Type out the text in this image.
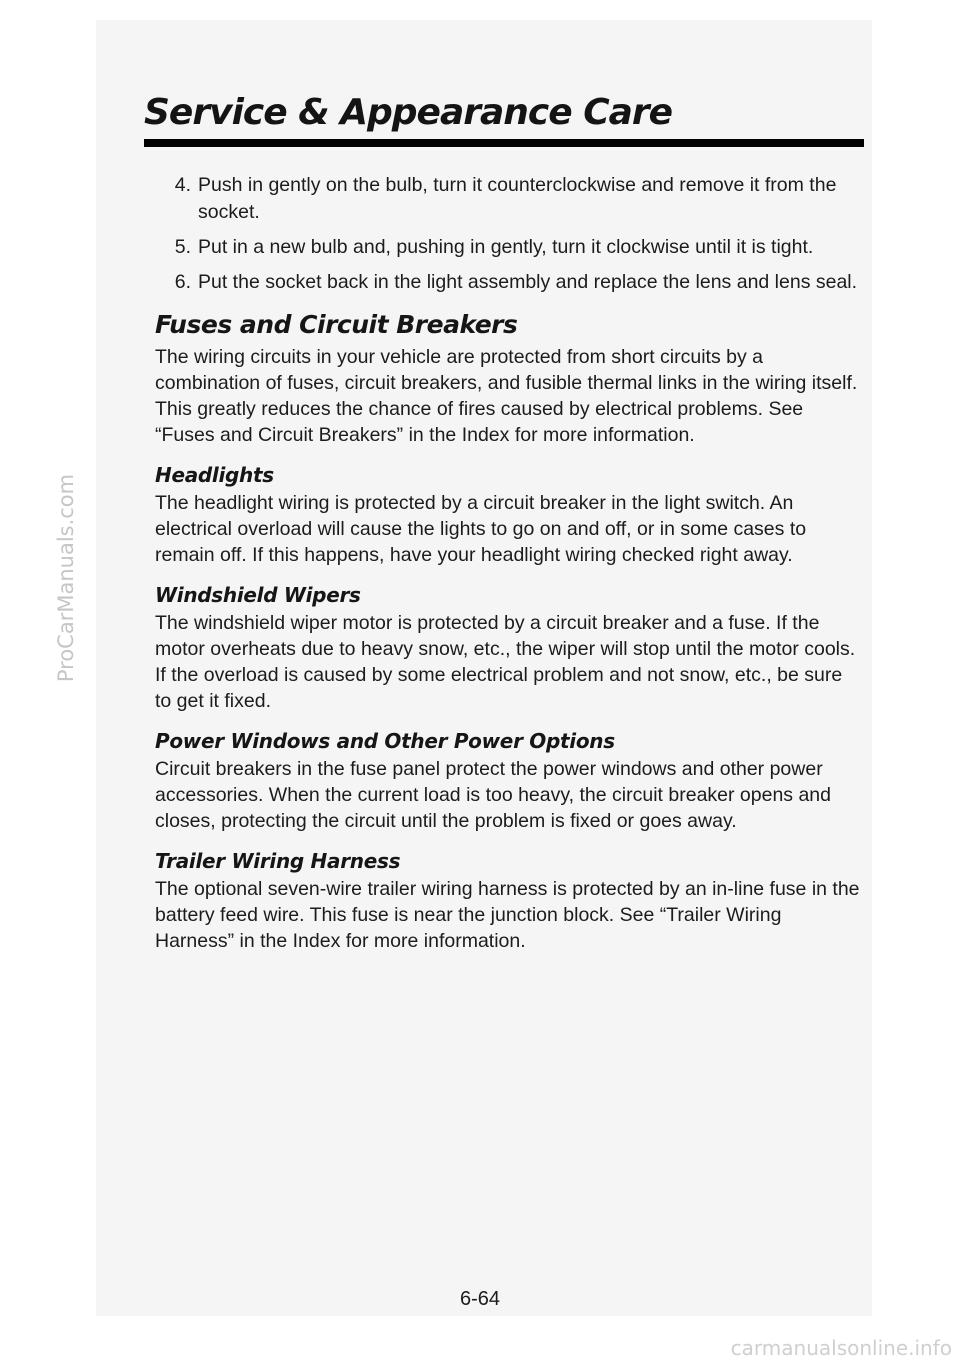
ProCarManuals.com
Service & Appearance Care
4. Push in gently on the bulb, turn it counterclockwise and remove it from the socket.
5. Put in a new bulb and, pushing in gently, turn it clockwise until it is tight.
6. Put the socket back in the light assembly and replace the lens and lens seal.
Fuses and Circuit Breakers

The wiring circuits in your vehicle are protected from short circuits by a combination of fuses, circuit breakers, and fusible thermal links in the wiring itself. This greatly reduces the chance of fires caused by electrical problems. See “Fuses and Circuit Breakers” in the Index for more information.

Headlights

The headlight wiring is protected by a circuit breaker in the light switch. An electrical overload will cause the lights to go on and off, or in some cases to remain off. If this happens, have your headlight wiring checked right away.

Windshield Wipers

The windshield wiper motor is protected by a circuit breaker and a fuse. If the motor overheats due to heavy snow, etc., the wiper will stop until the motor cools. If the overload is caused by some electrical problem and not snow, etc., be sure to get it fixed.

Power Windows and Other Power Options

Circuit breakers in the fuse panel protect the power windows and other power accessories. When the current load is too heavy, the circuit breaker opens and closes, protecting the circuit until the problem is fixed or goes away.

Trailer Wiring Harness

The optional seven-wire trailer wiring harness is protected by an in-line fuse in the battery feed wire. This fuse is near the junction block. See “Trailer Wiring Harness” in the Index for more information.

6-64
carmanualsonline.info
